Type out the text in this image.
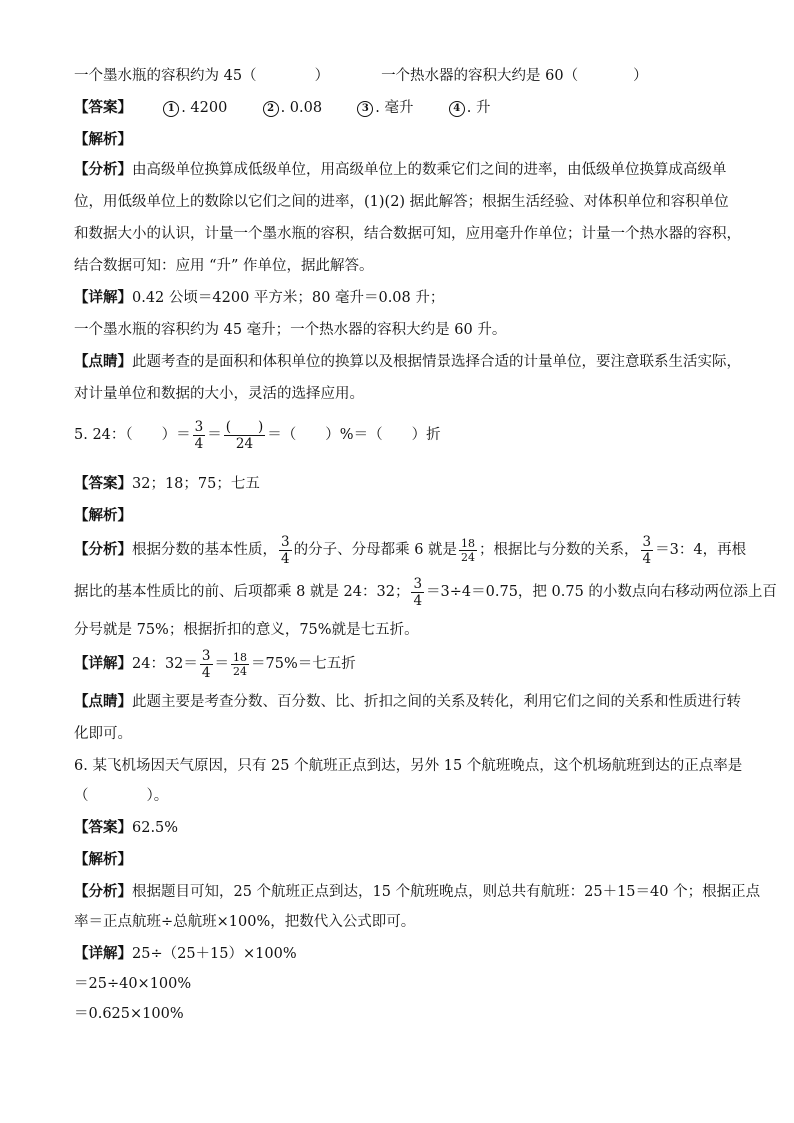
一个墨水瓶的容积约为 45（	）	一个热水器的容积大约是 60（	）
【答案】	1 . 4200	2 . 0.08	3 . 毫升	4 . 升
【解析】
【分析】由高级单位换算成低级单位，用高级单位上的数乘它们之间的进率，由低级单位换算成高级单
位，用低级单位上的数除以它们之间的进率，(1)(2) 据此解答；根据生活经验、对体积单位和容积单位
和数据大小的认识，计量一个墨水瓶的容积，结合数据可知，应用毫升作单位；计量一个热水器的容积，
结合数据可知：应用 “升” 作单位，据此解答。
【详解】0.42 公顷＝4200 平方米；80 毫升＝0.08 升；
一个墨水瓶的容积约为 45 毫升；一个热水器的容积大约是 60 升。
【点睛】此题考查的是面积和体积单位的换算以及根据情景选择合适的计量单位，要注意联系生活实际，
对计量单位和数据的大小，灵活的选择应用。
5. 24：（　　）＝ $\frac{3}{4} = \frac{( )}{24}$ ＝（　　）%＝（　　）折
【答案】32；18；75；七五
【解析】
【分析】根据分数的基本性质， $\frac{3}{4}$ 的分子、分母都乘 6 就是 $\frac{18}{24}$ ；根据比与分数的关系， $\frac{3}{4} =3$：4，再根
据比的基本性质比的前、后项都乘 8 就是 24：32； $\frac{3}{4} =3\div 4=0.75$，把 0.75 的小数点向右移动两位添上百
分号就是 75%；根据折扣的意义，75%就是七五折。
【详解】24：$32= \frac{3}{4} = \frac{18}{24} =75\%=$七五折
【点睛】此题主要是考查分数、百分数、比、折扣之间的关系及转化，利用它们之间的关系和性质进行转
化即可。
6. 某飞机场因天气原因，只有 25 个航班正点到达，另外 15 个航班晚点，这个机场航班到达的正点率是
（　　　　）。
【答案】62.5%
【解析】
【分析】根据题目可知，25 个航班正点到达，15 个航班晚点，则总共有航班：25＋15＝40 个；根据正点
率＝正点航班÷总航班×100%，把数代入公式即可。
【详解】25÷（25＋15）×100%
＝25÷40×100%
＝0.625×100%
